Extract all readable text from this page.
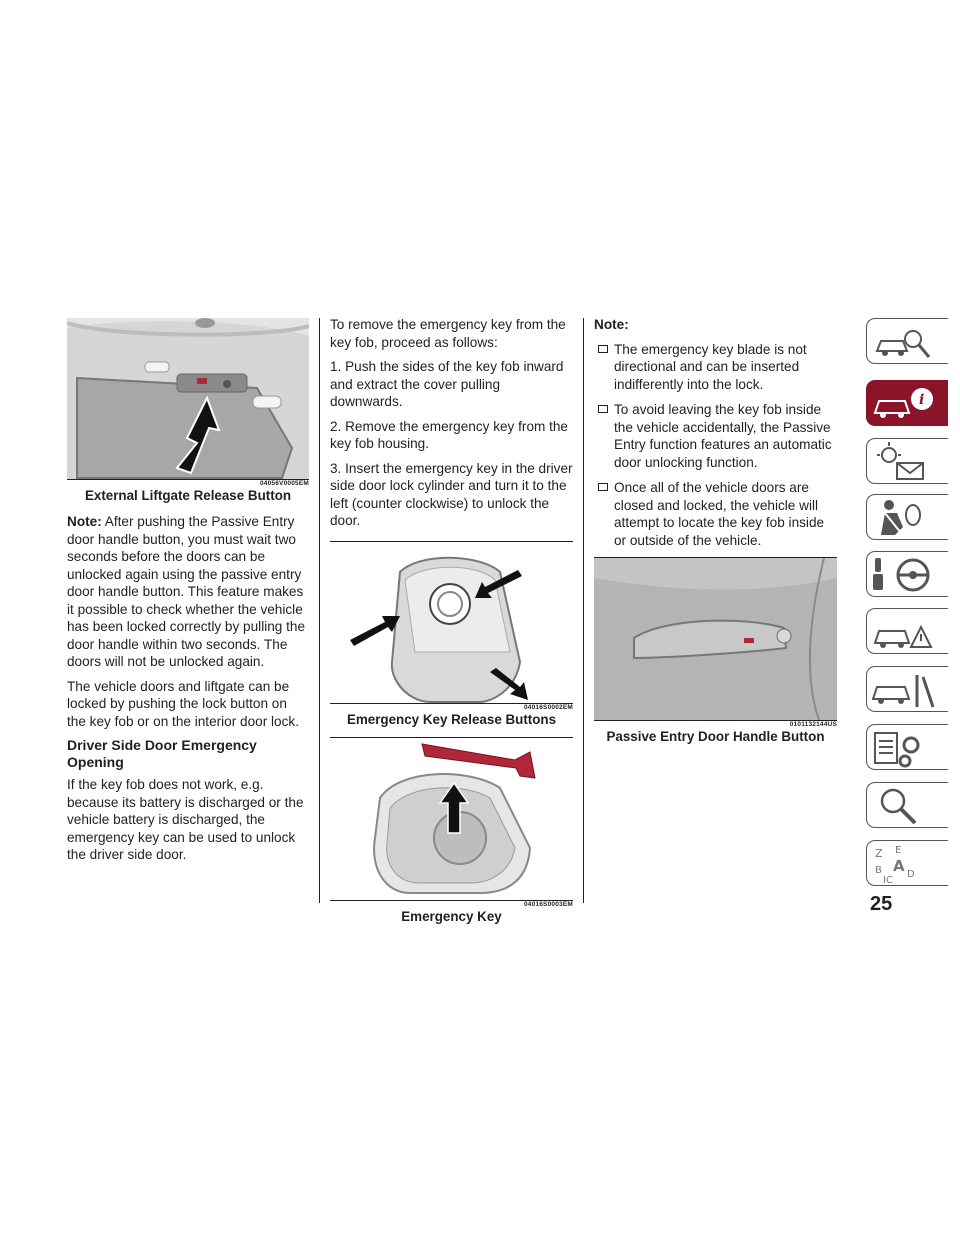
04056V0005EM
External Liftgate Release Button

Note: After pushing the Passive Entry door handle button, you must wait two seconds before the doors can be unlocked again using the passive entry door handle button. This feature makes it possible to check whether the vehicle has been locked correctly by pulling the door handle within two seconds. The doors will not be unlocked again.

The vehicle doors and liftgate can be locked by pushing the lock button on the key fob or on the interior door lock.

Driver Side Door Emergency Opening

If the key fob does not work, e.g. because its battery is discharged or the vehicle battery is discharged, the emergency key can be used to unlock the driver side door.

To remove the emergency key from the key fob, proceed as follows:

1. Push the sides of the key fob inward and extract the cover pulling downwards.

2. Remove the emergency key from the key fob housing.

3. Insert the emergency key in the driver side door lock cylinder and turn it to the left (counter clockwise) to unlock the door.

04016S0002EM
Emergency Key Release Buttons
04016S0003EM
Emergency Key

Note:

The emergency key blade is not directional and can be inserted indifferently into the lock.
To avoid leaving the key fob inside the vehicle accidentally, the Passive Entry function features an automatic door unlocking function.
Once all of the vehicle doors are closed and locked, the vehicle will attempt to locate the key fob inside or outside of the vehicle.
0101132144US
Passive Entry Door Handle Button
i
Z E
B A
IC
D
25
